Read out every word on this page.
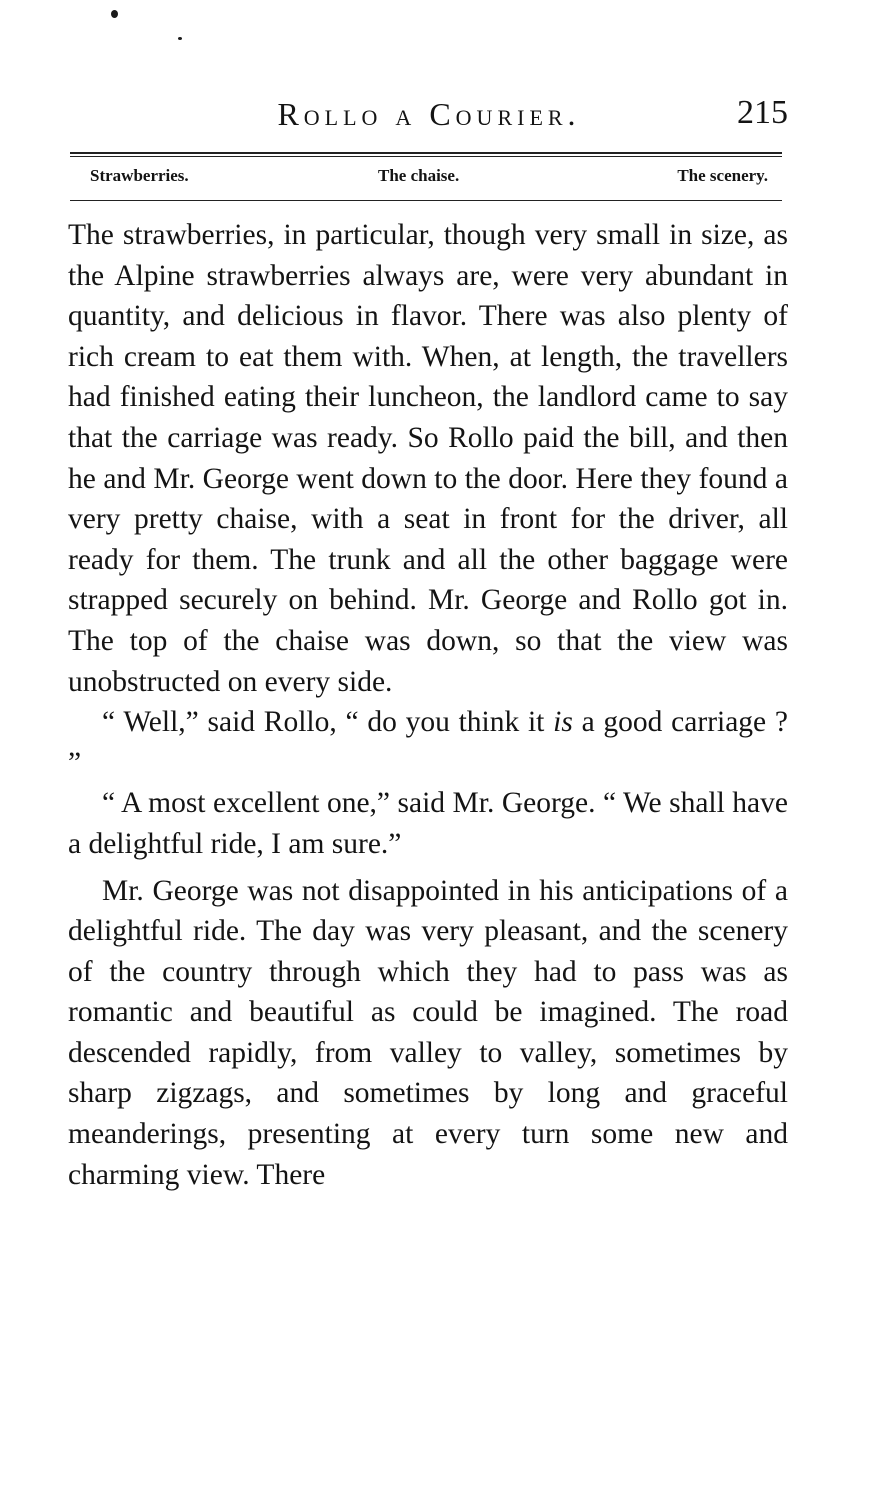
Rollo a Courier.	215
Strawberries.	The chaise.	The scenery.

The strawberries, in particular, though very small in size, as the Alpine strawberries always are, were very abundant in quantity, and delicious in flavor. There was also plenty of rich cream to eat them with. When, at length, the travellers had finished eating their luncheon, the landlord came to say that the carriage was ready. So Rollo paid the bill, and then he and Mr. George went down to the door. Here they found a very pretty chaise, with a seat in front for the driver, all ready for them. The trunk and all the other baggage were strapped securely on behind. Mr. George and Rollo got in. The top of the chaise was down, so that the view was unobstructed on every side.

“ Well,” said Rollo, “ do you think it is a good carriage ? ”

“ A most excellent one,” said Mr. George. “ We shall have a delightful ride, I am sure.”

Mr. George was not disappointed in his anticipations of a delightful ride. The day was very pleasant, and the scenery of the country through which they had to pass was as romantic and beautiful as could be imagined. The road descended rapidly, from valley to valley, sometimes by sharp zigzags, and sometimes by long and graceful meanderings, presenting at every turn some new and charming view. There
